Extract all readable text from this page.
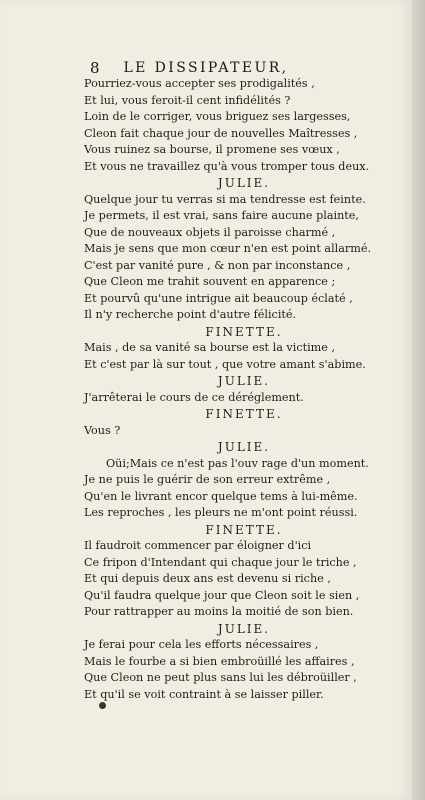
8	LE DISSIPATEUR,
Pourriez-vous accepter ses prodigalités ,
Et lui, vous feroit-il cent infidélités ?
Loin de le corriger, vous briguez ses largesses,
Cleon fait chaque jour de nouvelles Maîtresses ,
Vous ruinez sa bourse, il promene ses vœux ,
Et vous ne travaillez qu'à vous tromper tous deux.
JULIE.
Quelque jour tu verras si ma tendresse est feinte.
Je permets, il est vrai, sans faire aucune plainte,
Que de nouveaux objets il paroisse charmé ,
Mais je sens que mon cœur n'en est point allarmé.
C'est par vanité pure , & non par inconstance ,
Que Cleon me trahit souvent en apparence ;
Et pourvû qu'une intrigue ait beaucoup éclaté ,
Il n'y recherche point d'autre félicité.
FINETTE.
Mais , de sa vanité sa bourse est la victime ,
Et c'est par là sur tout , que votre amant s'abime.
JULIE.
J'arrêterai le cours de ce déréglement.
FINETTE.
Vous ?
JULIE.
Oüi;Mais ce n'est pas l'ouv rage d'un moment.
Je ne puis le guérir de son erreur extrême ,
Qu'en le livrant encor quelque tems à lui-même.
Les reproches , les pleurs ne m'ont point réussi.
FINETTE.
Il faudroit commencer par éloigner d'ici
Ce fripon d'Intendant qui chaque jour le triche ,
Et qui depuis deux ans est devenu si riche ,
Qu'il faudra quelque jour que Cleon soit le sien ,
Pour rattrapper au moins la moitié de son bien.
JULIE.
Je ferai pour cela les efforts nécessaires ,
Mais le fourbe a si bien embroüillé les affaires ,
Que Cleon ne peut plus sans lui les débroüiller ,
Et qu'il se voit contraint à se laisser piller.
